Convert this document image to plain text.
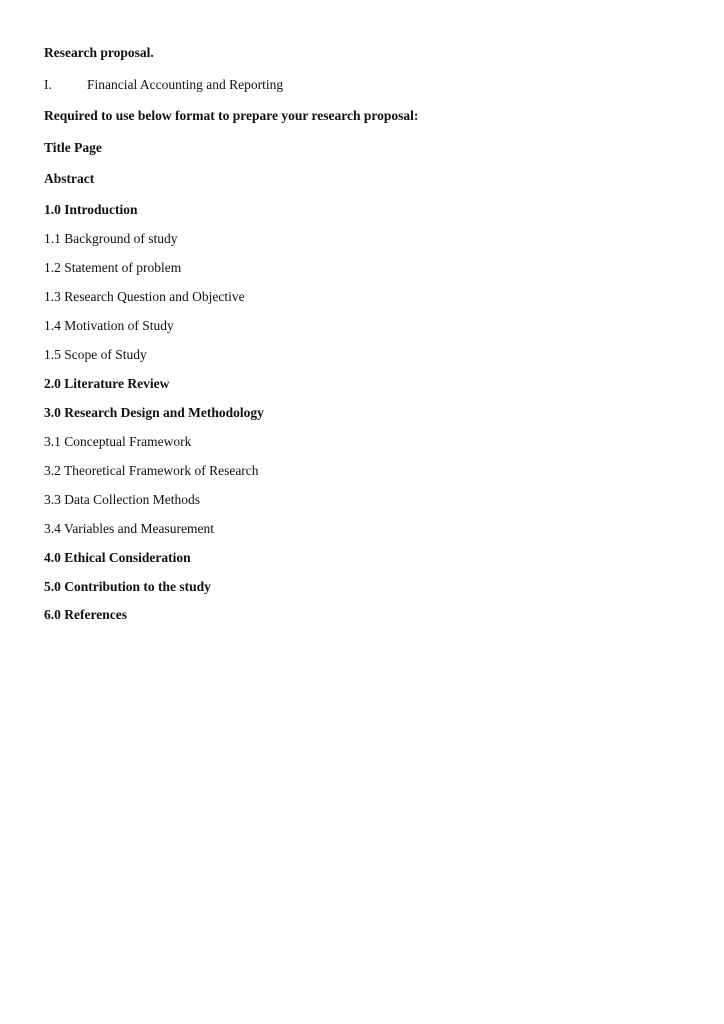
Research proposal.
I.	Financial Accounting and Reporting
Required to use below format to prepare your research proposal:
Title Page
Abstract
1.0 Introduction
1.1 Background of study
1.2 Statement of problem
1.3 Research Question and Objective
1.4 Motivation of Study
1.5 Scope of Study
2.0 Literature Review
3.0 Research Design and Methodology
3.1 Conceptual Framework
3.2 Theoretical Framework of Research
3.3 Data Collection Methods
3.4 Variables and Measurement
4.0 Ethical Consideration
5.0 Contribution to the study
6.0 References
